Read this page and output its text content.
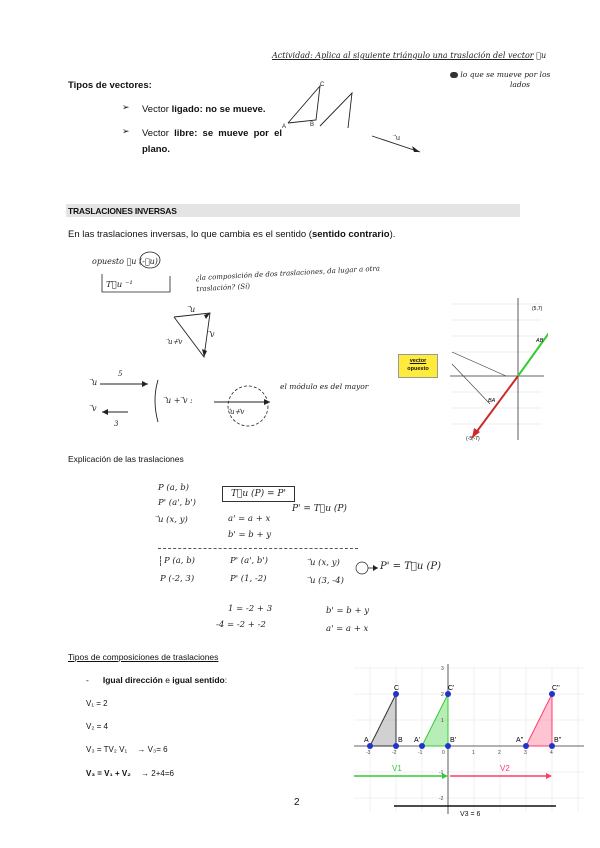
Actividad: Aplica al siguiente triángulo una traslación del vector ⃗u
lo que se mueve por los
lados
A	B
C
⃗u
Tipos de vectores:
➢	Vector ligado: no se mueve.
➢	Vector libre: se mueve por el plano.
TRASLACIONES INVERSAS
En las traslaciones inversas, lo que cambia es el sentido (sentido contrario).
opuesto ⃗u (-⃗u)
T⃗u ⁻¹
¿la composición de dos traslaciones, da lugar a otra traslación? (Sí)
⃗u
⃗v
⃗u+⃗v
5
⃗u
⃗v
3
⃗u + ⃗v :
⃗u+⃗v
el módulo es del mayor
(5,7)
(-5,-7)
AB
BA
vector
opuesto
Explicación de las traslaciones
P (a, b)
P' (a', b')
⃗u (x, y)
T⃗u (P) = P'
a' = a + x
b' = b + y
P' = T⃗u (P)
P (a, b)	P' (a', b')	⃗u (x, y)	P' = T⃗u (P)
P (-2, 3)	P' (1, -2)	⃗u (3, -4)
1 = -2 + 3
-4 = -2 + -2
b' = b + y
a' = a + x
Tipos de composiciones de traslaciones
- Igual dirección e igual sentido:
V₁ = 2
V₂ = 4
V₃ = TV₂ V₁ → V₃= 6
V₃ = V₁ + V₂ → 2+4=6
V1	V2
V3 = 6
A	B
C
A'	B'
C'
A''	B''
C''
-3	-2	-1	0	1	2	3	4
3
2
1
-1
-2
2
